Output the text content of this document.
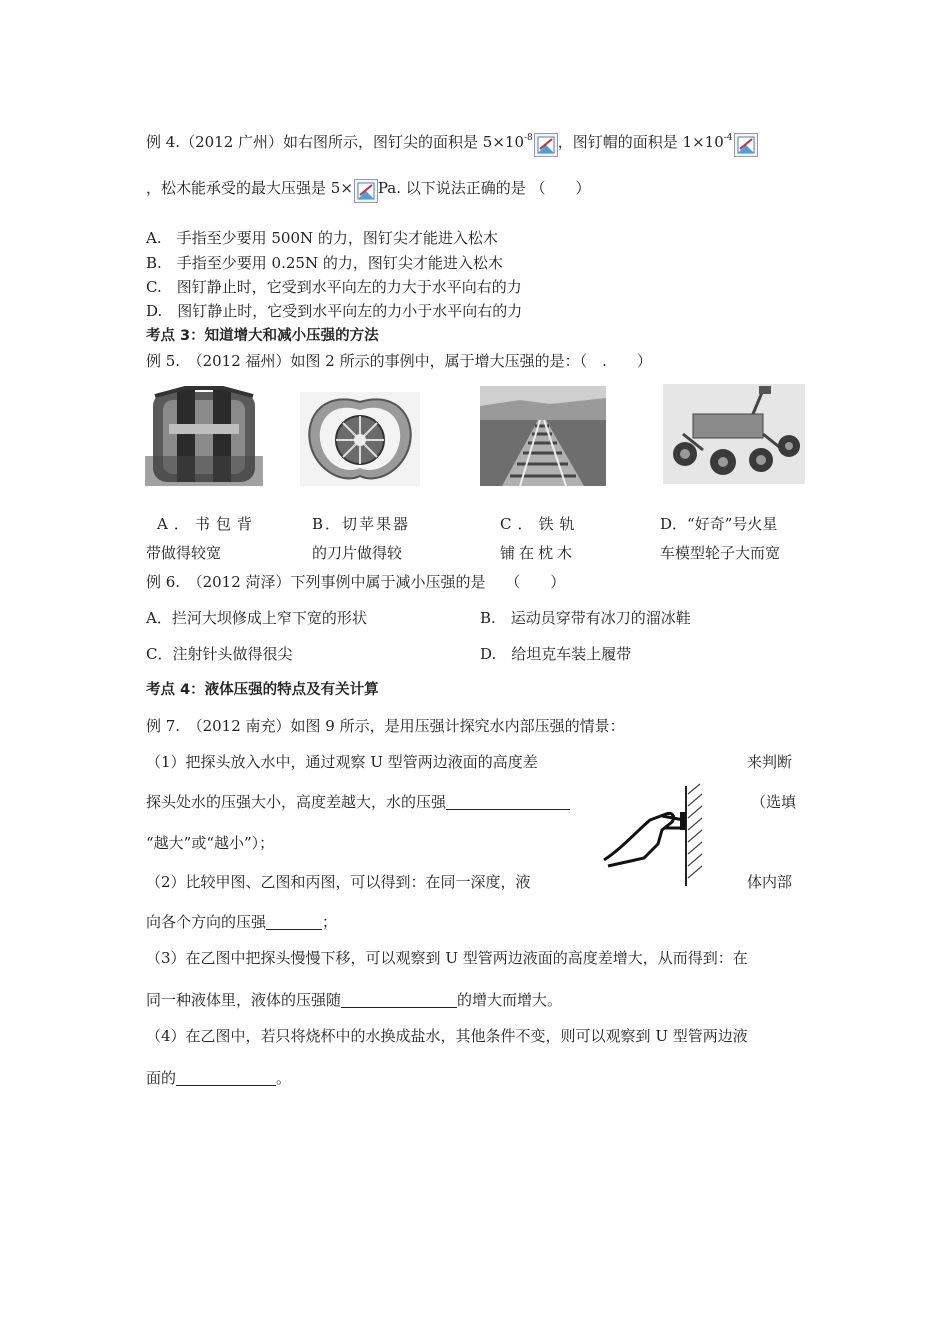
例 4.（2012 广州）如右图所示，图钉尖的面积是 $5\times 10^{-8}$ ，图钉帽的面积是 $1\times 10^{-4}$
，松木能承受的最大压强是 5× Pa. 以下说法正确的是 （　　）
A.　手指至少要用 500N 的力，图钉尖才能进入松木
B.　手指至少要用 0.25N 的力，图钉尖才能进入松木
C.　图钉静止时，它受到水平向左的力大于水平向右的力
D.　图钉静止时，它受到水平向左的力小于水平向右的力
考点 3：知道增大和减小压强的方法
例 5.　（2012 福州）如图 2 所示的事例中，属于增大压强的是：（　.　　）
A．书包背
带做得较宽
B．切苹果器
的刀片做得较
C．铁轨
铺在枕木
D．“好奇”号火星
车模型轮子大而宽
例 6.　（2012 菏泽）下列事例中属于减小压强的是　 （　　）
A．拦河大坝修成上窄下宽的形状	B.　运动员穿带有冰刀的溜冰鞋
C．注射针头做得很尖	D.　给坦克车装上履带
考点 4：液体压强的特点及有关计算
例 7.　（2012 南充）如图 9 所示，是用压强计探究水内部压强的情景：
（1）把探头放入水中，通过观察 U 型管两边液面的高度差	来判断
探头处水的压强大小，高度差越大，水的压强	（选填
“越大”或“越小”）；
（2）比较甲图、乙图和丙图，可以得到：在同一深度，液	体内部
向各个方向的压强	；
（3）在乙图中把探头慢慢下移，可以观察到 U 型管两边液面的高度差增大，从而得到：在
同一种液体里，液体的压强随	的增大而增大。
（4）在乙图中，若只将烧杯中的水换成盐水，其他条件不变，则可以观察到 U 型管两边液
面的	。
